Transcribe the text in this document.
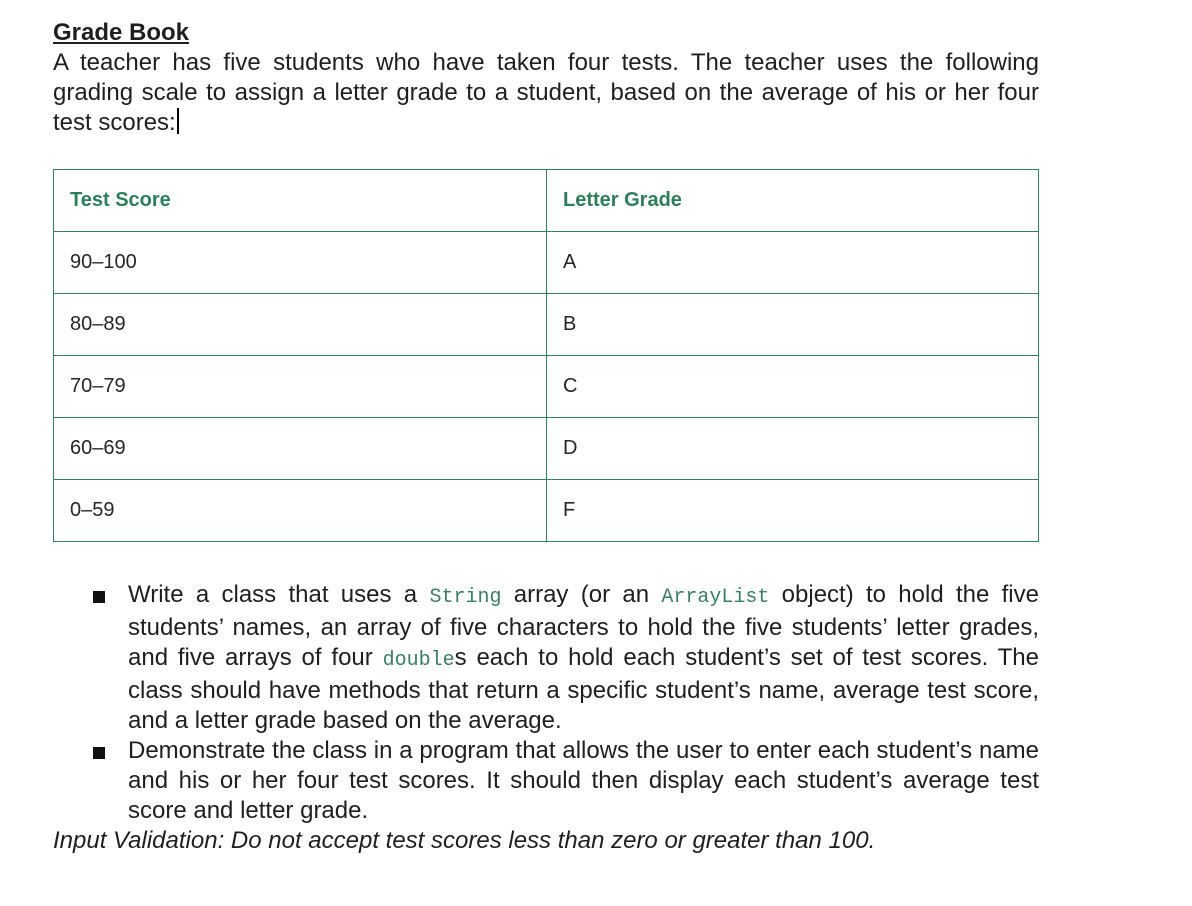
Grade Book

A teacher has five students who have taken four tests. The teacher uses the following grading scale to assign a letter grade to a student, based on the average of his or her four test scores:

Test Score	Letter Grade
90–100	A
80–89	B
70–79	C
60–69	D
0–59	F
Write a class that uses a String array (or an ArrayList object) to hold the five students’ names, an array of five characters to hold the five students’ letter grades, and five arrays of four doubles each to hold each student’s set of test scores. The class should have methods that return a specific student’s name, average test score, and a letter grade based on the average.
Demonstrate the class in a program that allows the user to enter each student’s name and his or her four test scores. It should then display each student’s average test score and letter grade.

Input Validation: Do not accept test scores less than zero or greater than 100.
